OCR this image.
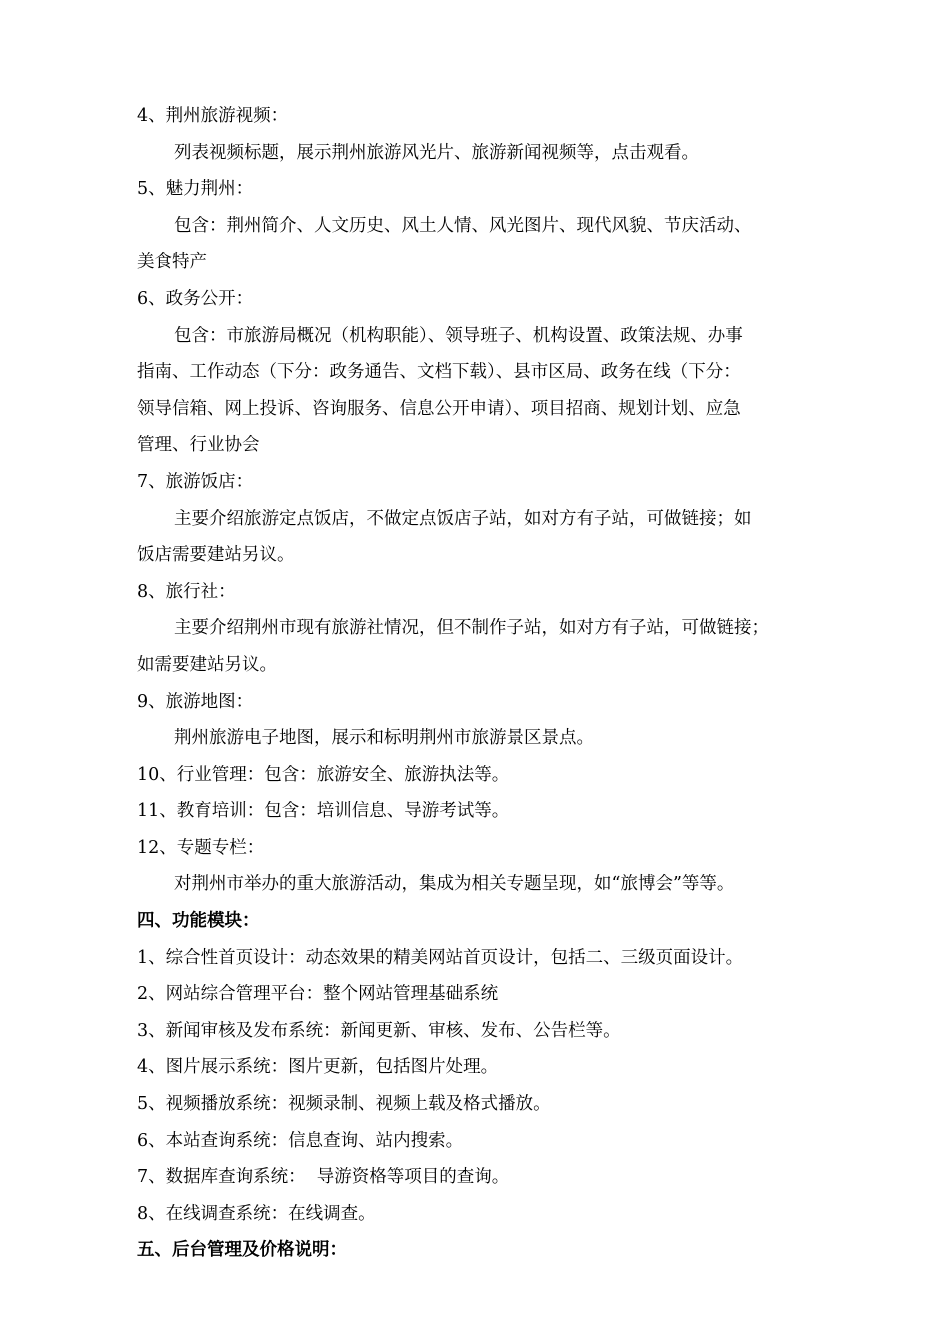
4、荆州旅游视频：

列表视频标题，展示荆州旅游风光片、旅游新闻视频等，点击观看。

5、魅力荆州：

包含：荆州简介、人文历史、风土人情、风光图片、现代风貌、节庆活动、

美食特产

6、政务公开：

包含：市旅游局概况（机构职能）、领导班子、机构设置、政策法规、办事

指南、工作动态（下分：政务通告、文档下载）、县市区局、政务在线（下分：

领导信箱、网上投诉、咨询服务、信息公开申请）、项目招商、规划计划、应急

管理、行业协会

7、旅游饭店：

主要介绍旅游定点饭店，不做定点饭店子站，如对方有子站，可做链接；如

饭店需要建站另议。

8、旅行社：

主要介绍荆州市现有旅游社情况，但不制作子站，如对方有子站，可做链接；

如需要建站另议。

9、旅游地图：

荆州旅游电子地图，展示和标明荆州市旅游景区景点。

10、行业管理：包含：旅游安全、旅游执法等。

11、教育培训：包含：培训信息、导游考试等。

12、专题专栏：

对荆州市举办的重大旅游活动，集成为相关专题呈现，如“旅博会”等等。

四、功能模块：

1、综合性首页设计：动态效果的精美网站首页设计，包括二、三级页面设计。

2、网站综合管理平台：整个网站管理基础系统

3、新闻审核及发布系统：新闻更新、审核、发布、公告栏等。

4、图片展示系统：图片更新，包括图片处理。

5、视频播放系统：视频录制、视频上载及格式播放。

6、本站查询系统：信息查询、站内搜索。

7、数据库查询系统：  导游资格等项目的查询。

8、在线调查系统：在线调查。

五、后台管理及价格说明：
